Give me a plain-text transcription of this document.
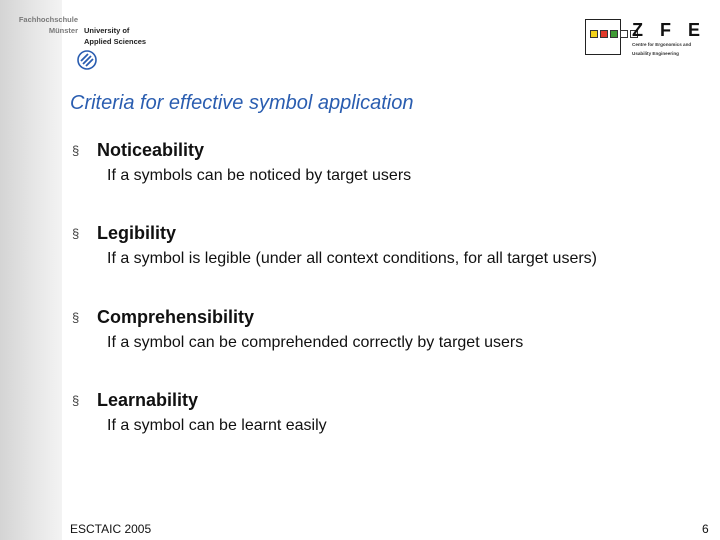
Fachhochschule
Münster University of
Applied Sciences
Z F E
Centre for Ergonomics and
Usability Engineering
Criteria for effective symbol application
§ Noticeability
If a symbols can be noticed by target users
§ Legibility
If a symbol is legible (under all context conditions, for all target users)
§ Comprehensibility
If a symbol can be comprehended correctly by target users
§ Learnability
If a symbol can be learnt easily
ESCTAIC 2005	6
